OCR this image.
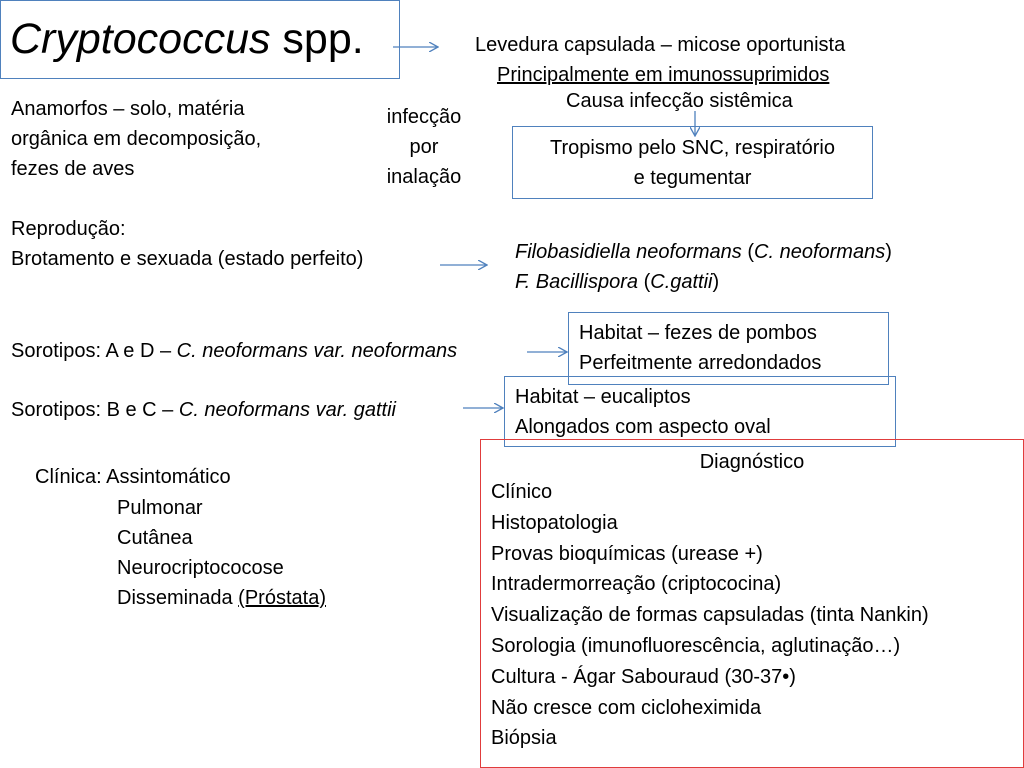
Cryptococcus spp.	Levedura capsulada – micose oportunista
Principalmente em imunossuprimidos
Causa infecção sistêmica
Anamorfos – solo, matéria
orgânica em decomposição,
fezes de aves
infecção
por
inalação
Tropismo pelo SNC, respiratório
e tegumentar
Reprodução:
Brotamento e sexuada (estado perfeito)	Filobasidiella neoformans (C. neoformans)
F. Bacillispora (C.gattii)
Habitat – fezes de pombos
Perfeitmente arredondados
Sorotipos: A e D – C. neoformans var. neoformans
Habitat – eucaliptos
Alongados com aspecto oval
Sorotipos: B e C – C. neoformans var. gattii
Clínica: Assintomático
Pulmonar
Cutânea
Neurocriptococose
Disseminada (Próstata)
Diagnóstico
Clínico
Histopatologia
Provas bioquímicas (urease +)
Intradermorreação (criptococina)
Visualização de formas capsuladas (tinta Nankin)
Sorologia (imunofluorescência, aglutinação…)
Cultura - Ágar Sabouraud (30-37•)
Não cresce com cicloheximida
Biópsia
